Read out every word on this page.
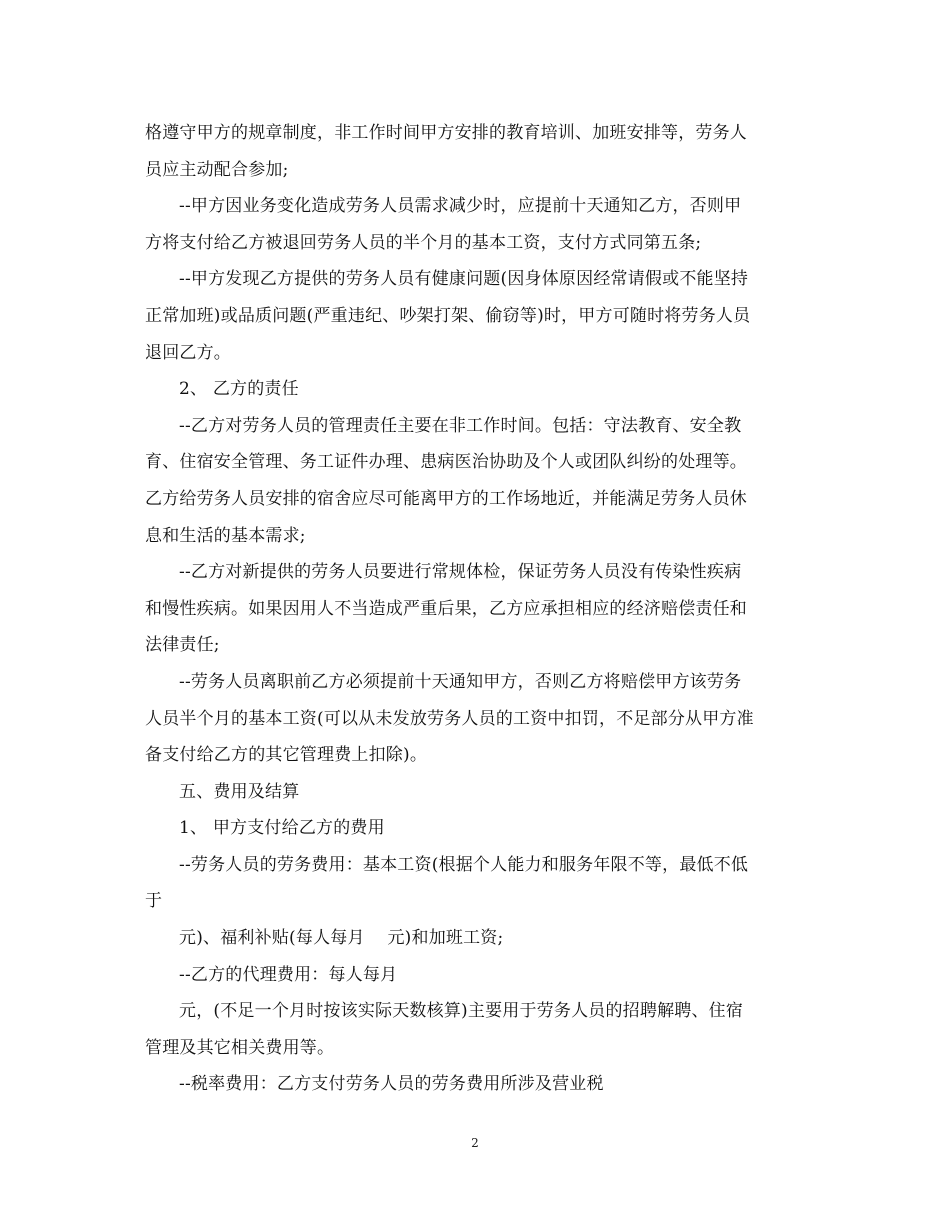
格遵守甲方的规章制度，非工作时间甲方安排的教育培训、加班安排等，劳务人
员应主动配合参加;
--甲方因业务变化造成劳务人员需求减少时，应提前十天通知乙方，否则甲
方将支付给乙方被退回劳务人员的半个月的基本工资，支付方式同第五条;
--甲方发现乙方提供的劳务人员有健康问题(因身体原因经常请假或不能坚持
正常加班)或品质问题(严重违纪、吵架打架、偷窃等)时，甲方可随时将劳务人员
退回乙方。
2、 乙方的责任
--乙方对劳务人员的管理责任主要在非工作时间。包括：守法教育、安全教
育、住宿安全管理、务工证件办理、患病医治协助及个人或团队纠纷的处理等。
乙方给劳务人员安排的宿舍应尽可能离甲方的工作场地近，并能满足劳务人员休
息和生活的基本需求;
--乙方对新提供的劳务人员要进行常规体检，保证劳务人员没有传染性疾病
和慢性疾病。如果因用人不当造成严重后果，乙方应承担相应的经济赔偿责任和
法律责任;
--劳务人员离职前乙方必须提前十天通知甲方，否则乙方将赔偿甲方该劳务
人员半个月的基本工资(可以从未发放劳务人员的工资中扣罚，不足部分从甲方准
备支付给乙方的其它管理费上扣除)。
五、费用及结算
1、 甲方支付给乙方的费用
--劳务人员的劳务费用：基本工资(根据个人能力和服务年限不等，最低不低
于
元)、福利补贴(每人每月　 元)和加班工资;
--乙方的代理费用：每人每月
元，(不足一个月时按该实际天数核算)主要用于劳务人员的招聘解聘、住宿
管理及其它相关费用等。
--税率费用：乙方支付劳务人员的劳务费用所涉及营业税
2
